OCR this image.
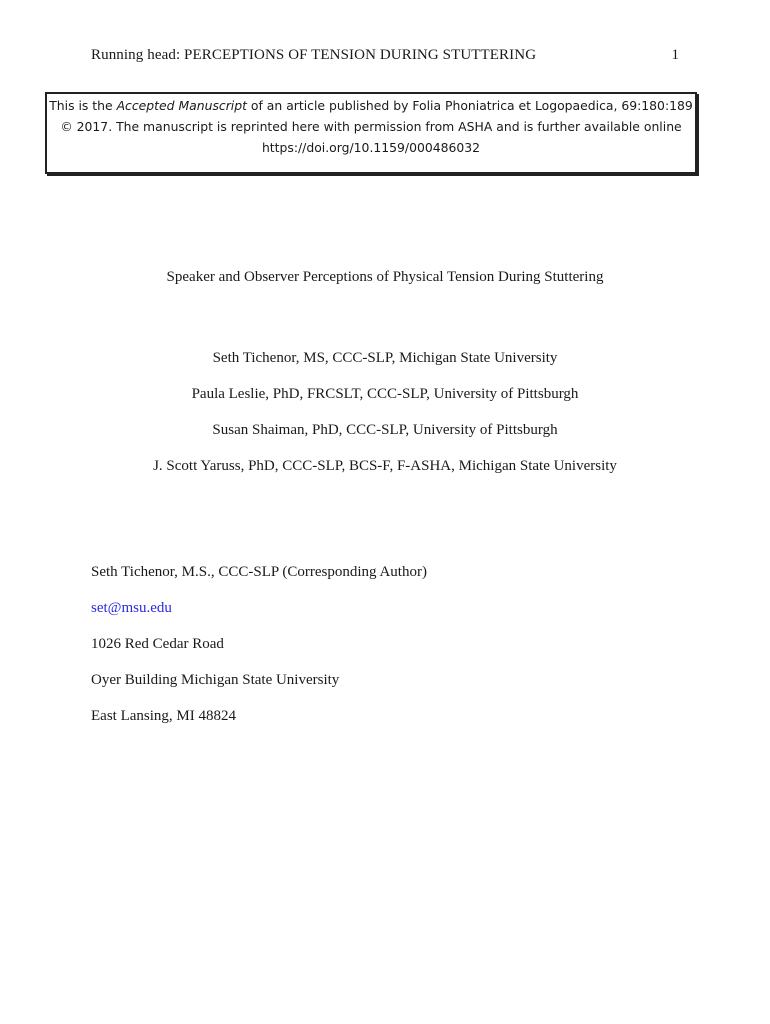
Running head: PERCEPTIONS OF TENSION DURING STUTTERING	1
This is the Accepted Manuscript of an article published by Folia Phoniatrica et Logopaedica, 69:180:189
© 2017. The manuscript is reprinted here with permission from ASHA and is further available online
https://doi.org/10.1159/000486032
Speaker and Observer Perceptions of Physical Tension During Stuttering
Seth Tichenor, MS, CCC-SLP, Michigan State University
Paula Leslie, PhD, FRCSLT, CCC-SLP, University of Pittsburgh
Susan Shaiman, PhD, CCC-SLP, University of Pittsburgh
J. Scott Yaruss, PhD, CCC-SLP, BCS-F, F-ASHA, Michigan State University
Seth Tichenor, M.S., CCC-SLP (Corresponding Author)
set@msu.edu
1026 Red Cedar Road
Oyer Building Michigan State University
East Lansing, MI 48824
